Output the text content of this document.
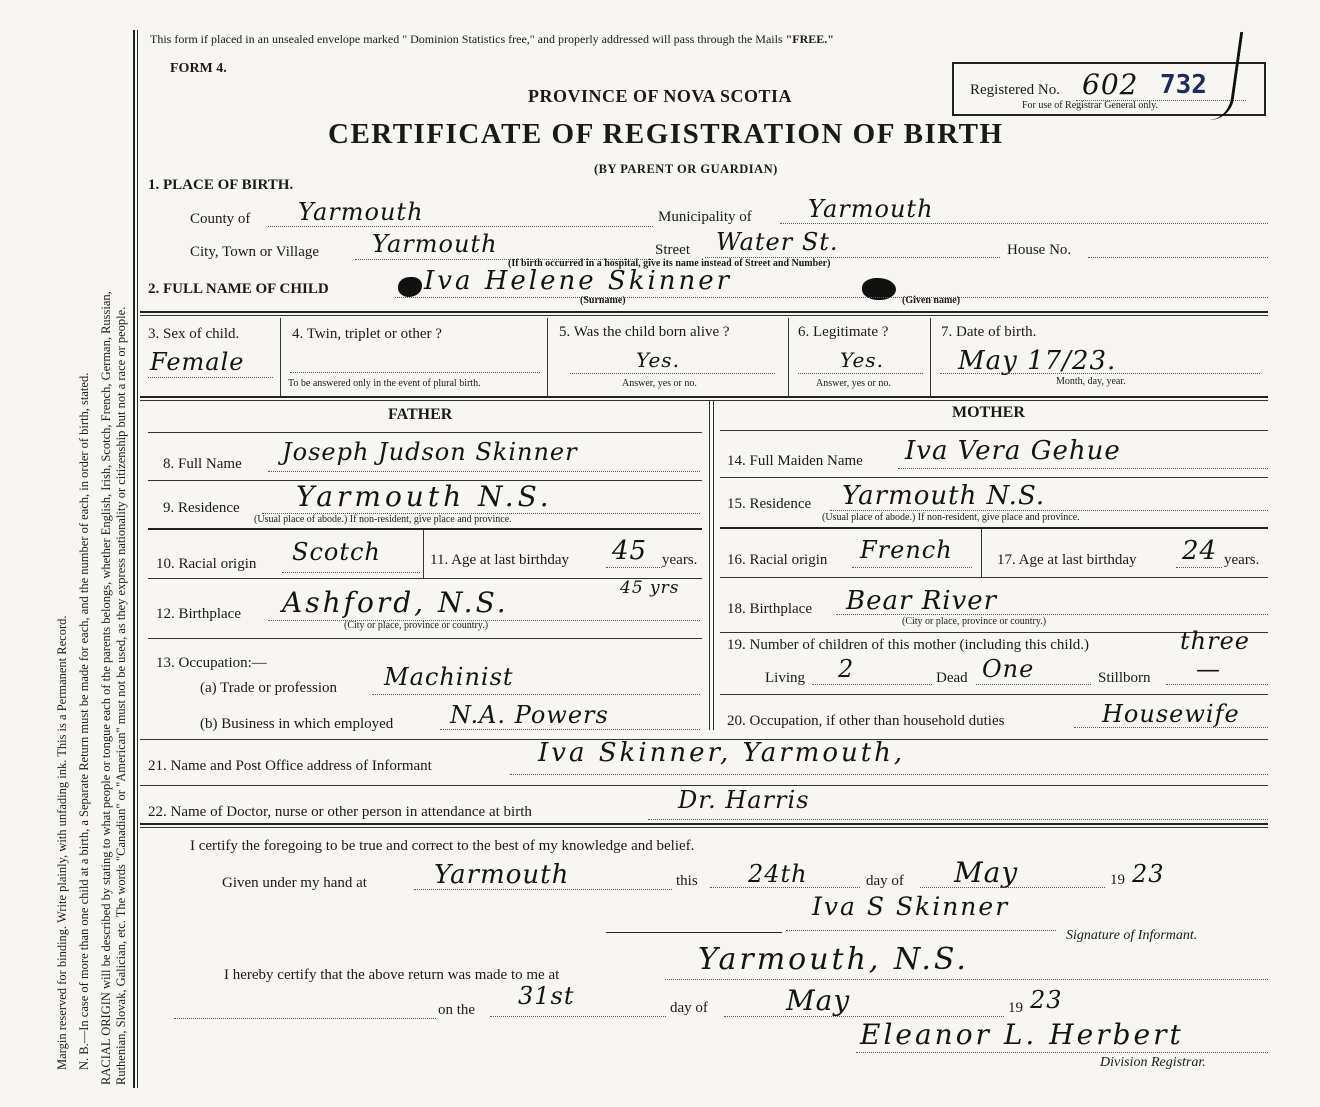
Margin reserved for binding. Write plainly, with unfading ink. This is a Permanent Record. N. B.—In case of more than one child at a birth, a Separate Return must be made for each, and the number of each, in order of birth, stated. RACIAL ORIGIN will be described by stating to what people or tongue each of the parents belongs, whether English, Irish, Scotch, French, German, Russian, Ruthenian, Slovak, Galician, etc. The words "Canadian" or "American" must not be used, as they express nationality or citizenship but not a race or people.
This form if placed in an unsealed envelope marked " Dominion Statistics free," and properly addressed will pass through the Mails "FREE."
FORM 4.
PROVINCE OF NOVA SCOTIA
CERTIFICATE OF REGISTRATION OF BIRTH
(BY PARENT OR GUARDIAN)
Registered No. 602 732
For use of Registrar General only.
1. PLACE OF BIRTH.
County of Yarmouth	Municipality of Yarmouth
City, Town or Village Yarmouth	Street Water St.	House No.
(If birth occurred in a hospital, give its name instead of Street and Number)
2. FULL NAME OF CHILD	Iva Helene Skinner
(Surname)	(Given name)
3. Sex of child.
Female
4. Twin, triplet or other ?
To be answered only in the event of plural birth.
5. Was the child born alive ?
Yes.
Answer, yes or no.
6. Legitimate ?
Yes.
Answer, yes or no.
7. Date of birth.
May 17/23.
Month, day, year.
FATHER	MOTHER
8. Full Name Joseph Judson Skinner
9. Residence Yarmouth N.S.
(Usual place of abode.) If non-resident, give place and province.
10. Racial origin Scotch	11. Age at last birthday 45 years.
45 yrs
12. Birthplace Ashford, N.S.
(City or place, province or country.)
13. Occupation:—
(a) Trade or profession Machinist
(b) Business in which employed N.A. Powers
14. Full Maiden Name Iva Vera Gehue
15. Residence Yarmouth N.S.
(Usual place of abode.) If non-resident, give place and province.
16. Racial origin French	17. Age at last birthday 24 years.
18. Birthplace Bear River
(City or place, province or country.)
19. Number of children of this mother (including this child.)	three
Living 2	Dead One	Stillborn —
20. Occupation, if other than household duties	Housewife
21. Name and Post Office address of Informant	Iva Skinner, Yarmouth,
22. Name of Doctor, nurse or other person in attendance at birth	Dr. Harris
I certify the foregoing to be true and correct to the best of my knowledge and belief.
Given under my hand at	Yarmouth	this 24th	day of May	19 23
Iva S Skinner
Signature of Informant.
I hereby certify that the above return was made to me at	Yarmouth, N.S.
on the 31st	day of	May	19 23
Eleanor L. Herbert
Division Registrar.
